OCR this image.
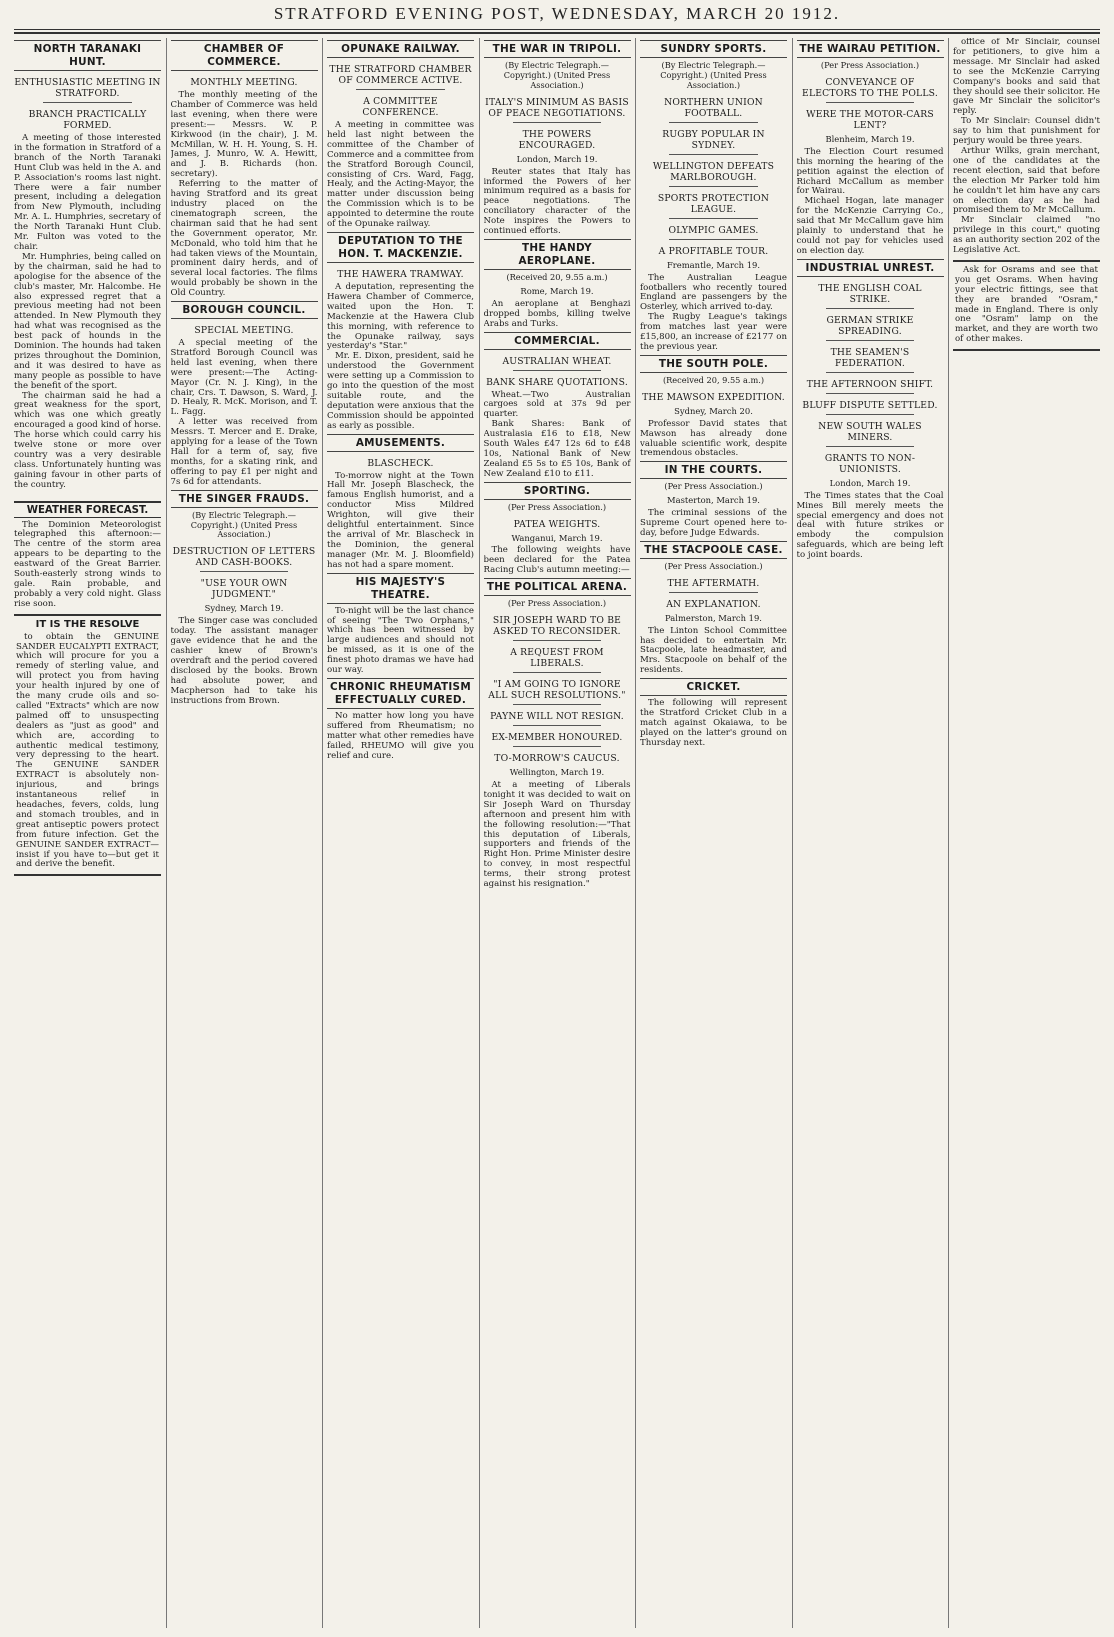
STRATFORD EVENING POST, WEDNESDAY, MARCH 20 1912.
NORTH TARANAKI HUNT.
ENTHUSIASTIC MEETING IN STRATFORD.
BRANCH PRACTICALLY FORMED.

A meeting of those interested in the formation in Stratford of a branch of the North Taranaki Hunt Club was held in the A. and P. Association's rooms last night. There were a fair number present, including a delegation from New Plymouth, including Mr. A. L. Humphries, secretary of the North Taranaki Hunt Club. Mr. Fulton was voted to the chair.

Mr. Humphries, being called on by the chairman, said he had to apologise for the absence of the club's master, Mr. Halcombe. He also expressed regret that a previous meeting had not been attended. In New Plymouth they had what was recognised as the best pack of hounds in the Dominion. The hounds had taken prizes throughout the Dominion, and it was desired to have as many people as possible to have the benefit of the sport.

The chairman said he had a great weakness for the sport, which was one which greatly encouraged a good kind of horse. The horse which could carry his twelve stone or more over country was a very desirable class. Unfortunately hunting was gaining favour in other parts of the country.

WEATHER FORECAST.

The Dominion Meteorologist telegraphed this afternoon:— The centre of the storm area appears to be departing to the eastward of the Great Barrier. South-easterly strong winds to gale. Rain probable, and probably a very cold night. Glass rise soon.

IT IS THE RESOLVE

to obtain the GENUINE SANDER EUCALYPTI EXTRACT, which will procure for you a remedy of sterling value, and will protect you from having your health injured by one of the many crude oils and so-called "Extracts" which are now palmed off to unsuspecting dealers as "just as good" and which are, according to authentic medical testimony, very depressing to the heart. The GENUINE SANDER EXTRACT is absolutely non-injurious, and brings instantaneous relief in headaches, fevers, colds, lung and stomach troubles, and in great antiseptic powers protect from future infection. Get the GENUINE SANDER EXTRACT—insist if you have to—but get it and derive the benefit.

CHAMBER OF COMMERCE.
MONTHLY MEETING.

The monthly meeting of the Chamber of Commerce was held last evening, when there were present:— Messrs. W. P. Kirkwood (in the chair), J. M. McMillan, W. H. H. Young, S. H. James, J. Munro, W. A. Hewitt, and J. B. Richards (hon. secretary).

Referring to the matter of having Stratford and its great industry placed on the cinematograph screen, the chairman said that he had sent the Government operator, Mr. McDonald, who told him that he had taken views of the Mountain, prominent dairy herds, and of several local factories. The films would probably be shown in the Old Country.

BOROUGH COUNCIL.
SPECIAL MEETING.

A special meeting of the Stratford Borough Council was held last evening, when there were present:—The Acting-Mayor (Cr. N. J. King), in the chair, Crs. T. Dawson, S. Ward, J. D. Healy, R. McK. Morison, and T. L. Fagg.

A letter was received from Messrs. T. Mercer and E. Drake, applying for a lease of the Town Hall for a term of, say, five months, for a skating rink, and offering to pay £1 per night and 7s 6d for attendants.

THE SINGER FRAUDS.
(By Electric Telegraph.—Copyright.) (United Press Association.)
DESTRUCTION OF LETTERS AND CASH-BOOKS.
"USE YOUR OWN JUDGMENT."
Sydney, March 19.

The Singer case was concluded today. The assistant manager gave evidence that he and the cashier knew of Brown's overdraft and the period covered disclosed by the books. Brown had absolute power, and Macpherson had to take his instructions from Brown.

OPUNAKE RAILWAY.
THE STRATFORD CHAMBER OF COMMERCE ACTIVE.
A COMMITTEE CONFERENCE.

A meeting in committee was held last night between the committee of the Chamber of Commerce and a committee from the Stratford Borough Council, consisting of Crs. Ward, Fagg, Healy, and the Acting-Mayor, the matter under discussion being the Commission which is to be appointed to determine the route of the Opunake railway.

DEPUTATION TO THE HON. T. MACKENZIE.
THE HAWERA TRAMWAY.

A deputation, representing the Hawera Chamber of Commerce, waited upon the Hon. T. Mackenzie at the Hawera Club this morning, with reference to the Opunake railway, says yesterday's "Star."

Mr. E. Dixon, president, said he understood the Government were setting up a Commission to go into the question of the most suitable route, and the deputation were anxious that the Commission should be appointed as early as possible.

AMUSEMENTS.
BLASCHECK.

To-morrow night at the Town Hall Mr. Joseph Blascheck, the famous English humorist, and a conductor Miss Mildred Wrighton, will give their delightful entertainment. Since the arrival of Mr. Blascheck in the Dominion, the general manager (Mr. M. J. Bloomfield) has not had a spare moment.

HIS MAJESTY'S THEATRE.

To-night will be the last chance of seeing "The Two Orphans," which has been witnessed by large audiences and should not be missed, as it is one of the finest photo dramas we have had our way.

CHRONIC RHEUMATISM EFFECTUALLY CURED.

No matter how long you have suffered from Rheumatism; no matter what other remedies have failed, RHEUMO will give you relief and cure.

THE WAR IN TRIPOLI.
(By Electric Telegraph.—Copyright.) (United Press Association.)
ITALY'S MINIMUM AS BASIS OF PEACE NEGOTIATIONS.
THE POWERS ENCOURAGED.
London, March 19.

Reuter states that Italy has informed the Powers of her minimum required as a basis for peace negotiations. The conciliatory character of the Note inspires the Powers to continued efforts.

THE HANDY AEROPLANE.
(Received 20, 9.55 a.m.)
Rome, March 19.

An aeroplane at Benghazi dropped bombs, killing twelve Arabs and Turks.

COMMERCIAL.
AUSTRALIAN WHEAT.
BANK SHARE QUOTATIONS.

Wheat.—Two Australian cargoes sold at 37s 9d per quarter.

Bank Shares: Bank of Australasia £16 to £18, New South Wales £47 12s 6d to £48 10s, National Bank of New Zealand £5 5s to £5 10s, Bank of New Zealand £10 to £11.

SPORTING.
(Per Press Association.)
PATEA WEIGHTS.
Wanganui, March 19.

The following weights have been declared for the Patea Racing Club's autumn meeting:—

THE POLITICAL ARENA.
(Per Press Association.)
SIR JOSEPH WARD TO BE ASKED TO RECONSIDER.
A REQUEST FROM LIBERALS.
"I AM GOING TO IGNORE ALL SUCH RESOLUTIONS."
PAYNE WILL NOT RESIGN.
EX-MEMBER HONOURED.
TO-MORROW'S CAUCUS.
Wellington, March 19.

At a meeting of Liberals tonight it was decided to wait on Sir Joseph Ward on Thursday afternoon and present him with the following resolution:—"That this deputation of Liberals, supporters and friends of the Right Hon. Prime Minister desire to convey, in most respectful terms, their strong protest against his resignation."

SUNDRY SPORTS.
(By Electric Telegraph.—Copyright.) (United Press Association.)
NORTHERN UNION FOOTBALL.
RUGBY POPULAR IN SYDNEY.
WELLINGTON DEFEATS MARLBOROUGH.
SPORTS PROTECTION LEAGUE.
OLYMPIC GAMES.
A PROFITABLE TOUR.
Fremantle, March 19.

The Australian League footballers who recently toured England are passengers by the Osterley, which arrived to-day.

The Rugby League's takings from matches last year were £15,800, an increase of £2177 on the previous year.

THE SOUTH POLE.
(Received 20, 9.55 a.m.)
THE MAWSON EXPEDITION.
Sydney, March 20.

Professor David states that Mawson has already done valuable scientific work, despite tremendous obstacles.

IN THE COURTS.
(Per Press Association.)
Masterton, March 19.

The criminal sessions of the Supreme Court opened here to-day, before Judge Edwards.

THE STACPOOLE CASE.
(Per Press Association.)
THE AFTERMATH.
AN EXPLANATION.
Palmerston, March 19.

The Linton School Committee has decided to entertain Mr. Stacpoole, late headmaster, and Mrs. Stacpoole on behalf of the residents.

CRICKET.

The following will represent the Stratford Cricket Club in a match against Okaiawa, to be played on the latter's ground on Thursday next.

THE WAIRAU PETITION.
(Per Press Association.)
CONVEYANCE OF ELECTORS TO THE POLLS.
WERE THE MOTOR-CARS LENT?
Blenheim, March 19.

The Election Court resumed this morning the hearing of the petition against the election of Richard McCallum as member for Wairau.

Michael Hogan, late manager for the McKenzie Carrying Co., said that Mr McCallum gave him plainly to understand that he could not pay for vehicles used on election day.

INDUSTRIAL UNREST.
THE ENGLISH COAL STRIKE.
GERMAN STRIKE SPREADING.
THE SEAMEN'S FEDERATION.
THE AFTERNOON SHIFT.
BLUFF DISPUTE SETTLED.
NEW SOUTH WALES MINERS.
GRANTS TO NON-UNIONISTS.
London, March 19.

The Times states that the Coal Mines Bill merely meets the special emergency and does not deal with future strikes or embody the compulsion safeguards, which are being left to joint boards.

office of Mr Sinclair, counsel for petitioners, to give him a message. Mr Sinclair had asked to see the McKenzie Carrying Company's books and said that they should see their solicitor. He gave Mr Sinclair the solicitor's reply.

To Mr Sinclair: Counsel didn't say to him that punishment for perjury would be three years.

Arthur Wilks, grain merchant, one of the candidates at the recent election, said that before the election Mr Parker told him he couldn't let him have any cars on election day as he had promised them to Mr McCallum.

Mr Sinclair claimed "no privilege in this court," quoting as an authority section 202 of the Legislative Act.

Ask for Osrams and see that you get Osrams. When having your electric fittings, see that they are branded "Osram," made in England. There is only one "Osram" lamp on the market, and they are worth two of other makes.
